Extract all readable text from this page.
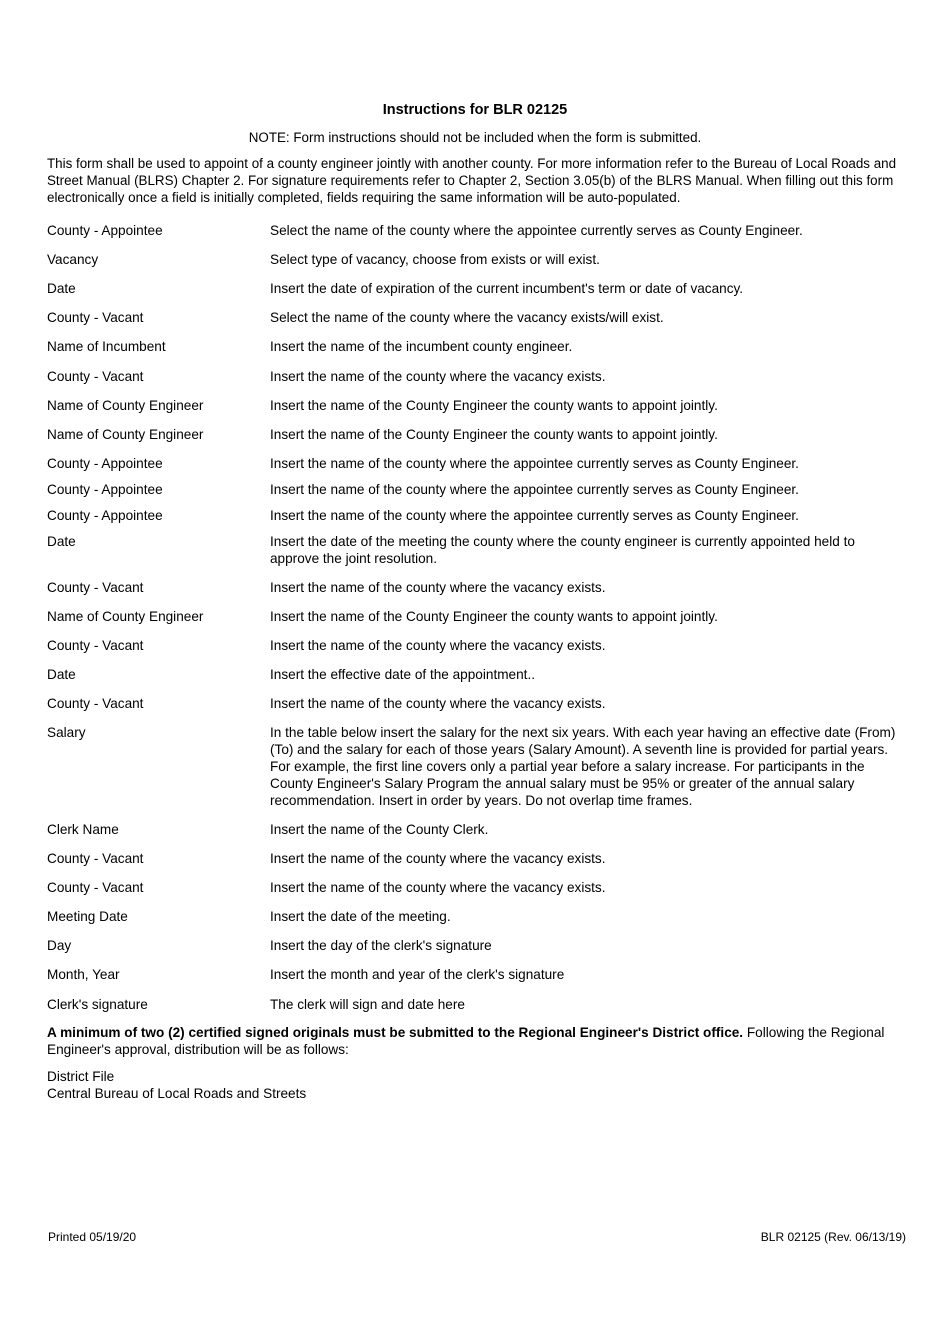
Instructions for BLR 02125
NOTE: Form instructions should not be included when the form is submitted.
This form shall be used to appoint of a county engineer jointly with another county. For more information refer to the Bureau of Local Roads and Street Manual (BLRS) Chapter 2. For signature requirements refer to Chapter 2, Section 3.05(b) of the BLRS Manual. When filling out this form electronically once a field is initially completed, fields requiring the same information will be auto-populated.
County - Appointee	Select the name of the county where the appointee currently serves as County Engineer.
Vacancy	Select type of vacancy, choose from exists or will exist.
Date	Insert the date of expiration of the current incumbent's term or date of vacancy.
County - Vacant	Select the name of the county where the vacancy exists/will exist.
Name of Incumbent	Insert the name of the incumbent county engineer.
County - Vacant	Insert the name of the county where the vacancy exists.
Name of County Engineer	Insert the name of the County Engineer the county wants to appoint jointly.
Name of County Engineer	Insert the name of the County Engineer the county wants to appoint jointly.
County - Appointee	Insert the name of the county where the appointee currently serves as County Engineer.
County - Appointee	Insert the name of the county where the appointee currently serves as County Engineer.
County - Appointee	Insert the name of the county where the appointee currently serves as County Engineer.
Date	Insert the date of the meeting the county where the county engineer is currently appointed held to approve the joint resolution.
County - Vacant	Insert the name of the county where the vacancy exists.
Name of County Engineer	Insert the name of the County Engineer the county wants to appoint jointly.
County - Vacant	Insert the name of the county where the vacancy exists.
Date	Insert the effective date of the appointment..
County - Vacant	Insert the name of the county where the vacancy exists.
Salary	In the table below insert the salary for the next six years. With each year having an effective date (From)(To) and the salary for each of those years (Salary Amount). A seventh line is provided for partial years. For example, the first line covers only a partial year before a salary increase. For participants in the County Engineer's Salary Program the annual salary must be 95% or greater of the annual salary recommendation. Insert in order by years. Do not overlap time frames.
Clerk Name	Insert the name of the County Clerk.
County - Vacant	Insert the name of the county where the vacancy exists.
County - Vacant	Insert the name of the county where the vacancy exists.
Meeting Date	Insert the date of the meeting.
Day	Insert the day of the clerk's signature
Month, Year	Insert the month and year of the clerk's signature
Clerk's signature	The clerk will sign and date here
A minimum of two (2) certified signed originals must be submitted to the Regional Engineer's District office. Following the Regional Engineer's approval, distribution will be as follows:
District File
Central Bureau of Local Roads and Streets
Printed 05/19/20	BLR 02125 (Rev. 06/13/19)
